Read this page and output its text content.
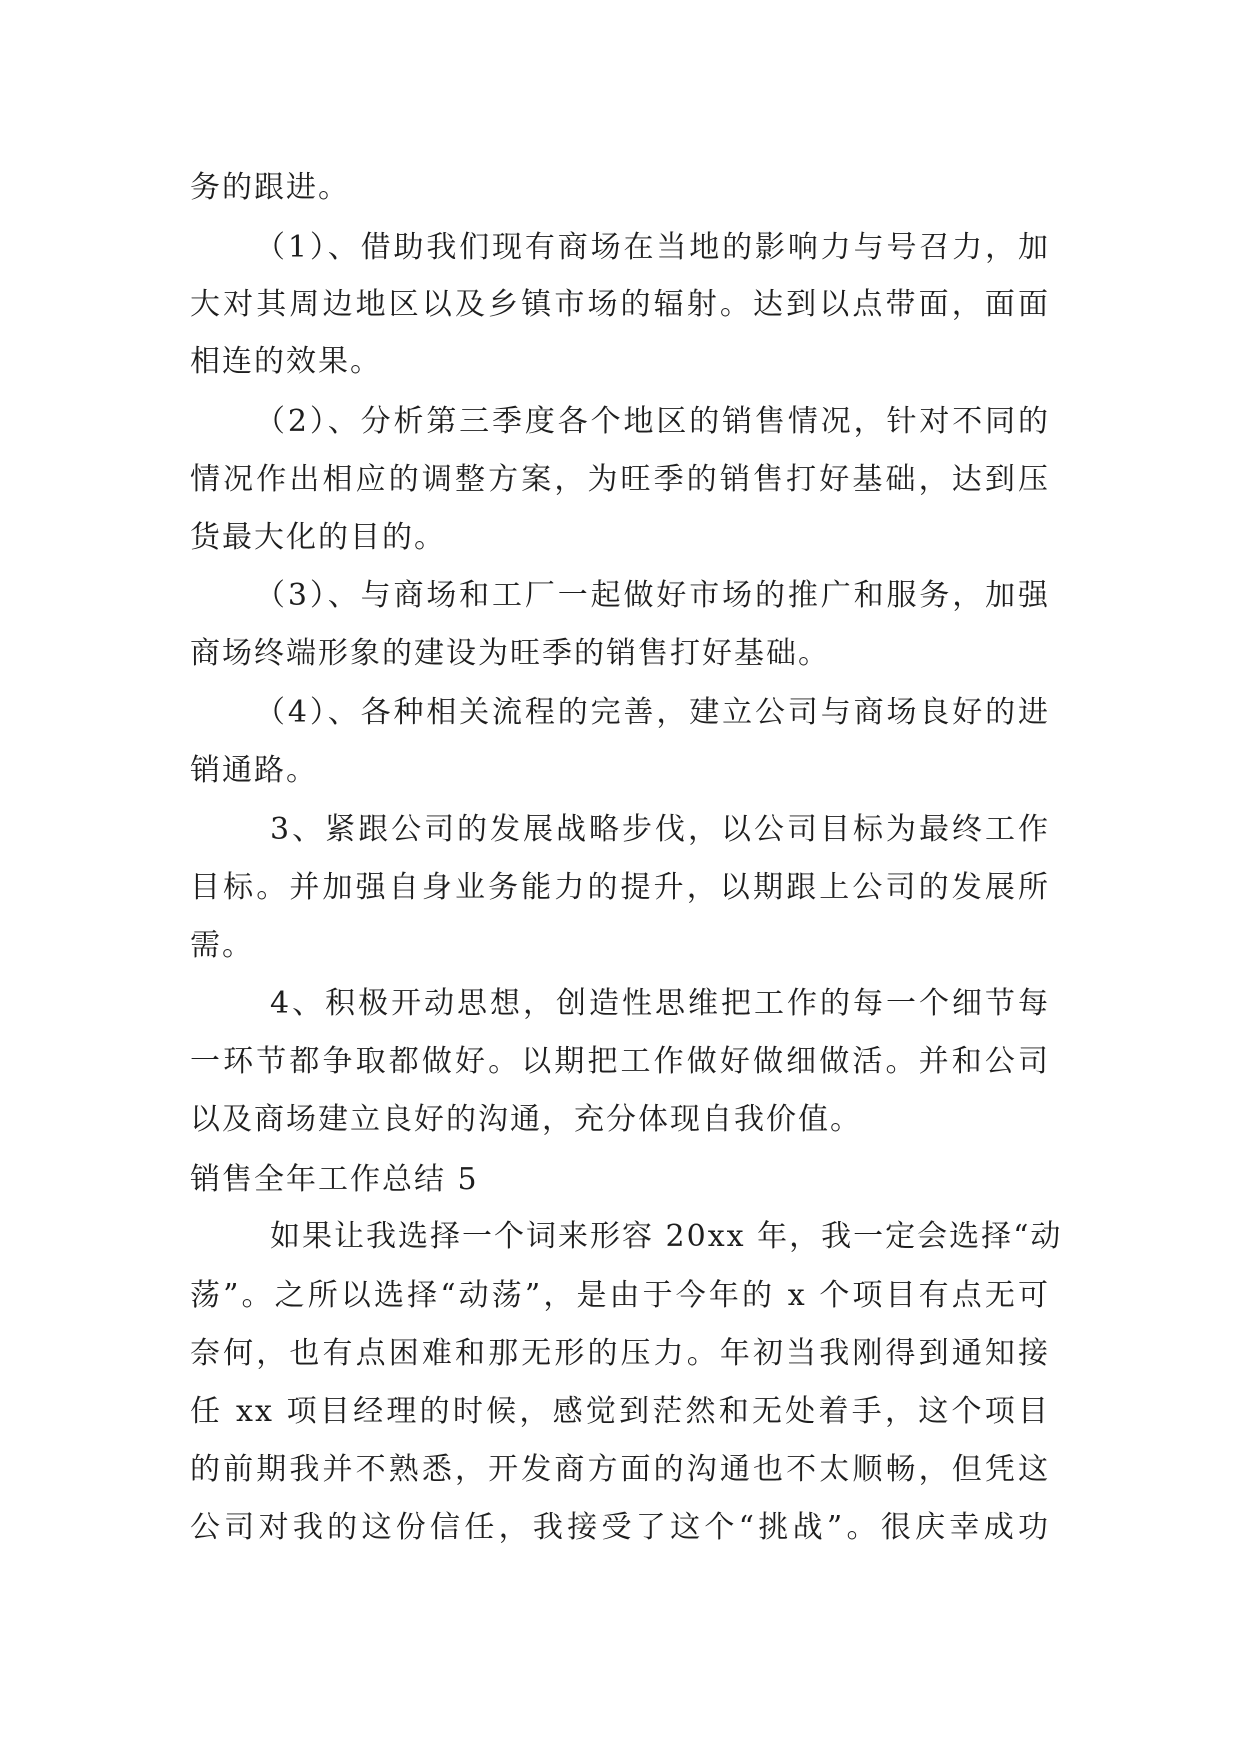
务的跟进。
（1）、借助我们现有商场在当地的影响力与号召力，加
大对其周边地区以及乡镇市场的辐射。达到以点带面，面面
相连的效果。
（2）、分析第三季度各个地区的销售情况，针对不同的
情况作出相应的调整方案，为旺季的销售打好基础，达到压
货最大化的目的。
（3）、与商场和工厂一起做好市场的推广和服务，加强
商场终端形象的建设为旺季的销售打好基础。
（4）、各种相关流程的完善，建立公司与商场良好的进
销通路。
3、紧跟公司的发展战略步伐，以公司目标为最终工作
目标。并加强自身业务能力的提升，以期跟上公司的发展所
需。
4、积极开动思想，创造性思维把工作的每一个细节每
一环节都争取都做好。以期把工作做好做细做活。并和公司
以及商场建立良好的沟通，充分体现自我价值。
销售全年工作总结 5
如果让我选择一个词来形容 20xx 年，我一定会选择“动
荡”。之所以选择“动荡”，是由于今年的 x 个项目有点无可
奈何，也有点困难和那无形的压力。年初当我刚得到通知接
任 xx 项目经理的时候，感觉到茫然和无处着手，这个项目
的前期我并不熟悉，开发商方面的沟通也不太顺畅，但凭这
公司对我的这份信任，我接受了这个“挑战”。很庆幸成功
